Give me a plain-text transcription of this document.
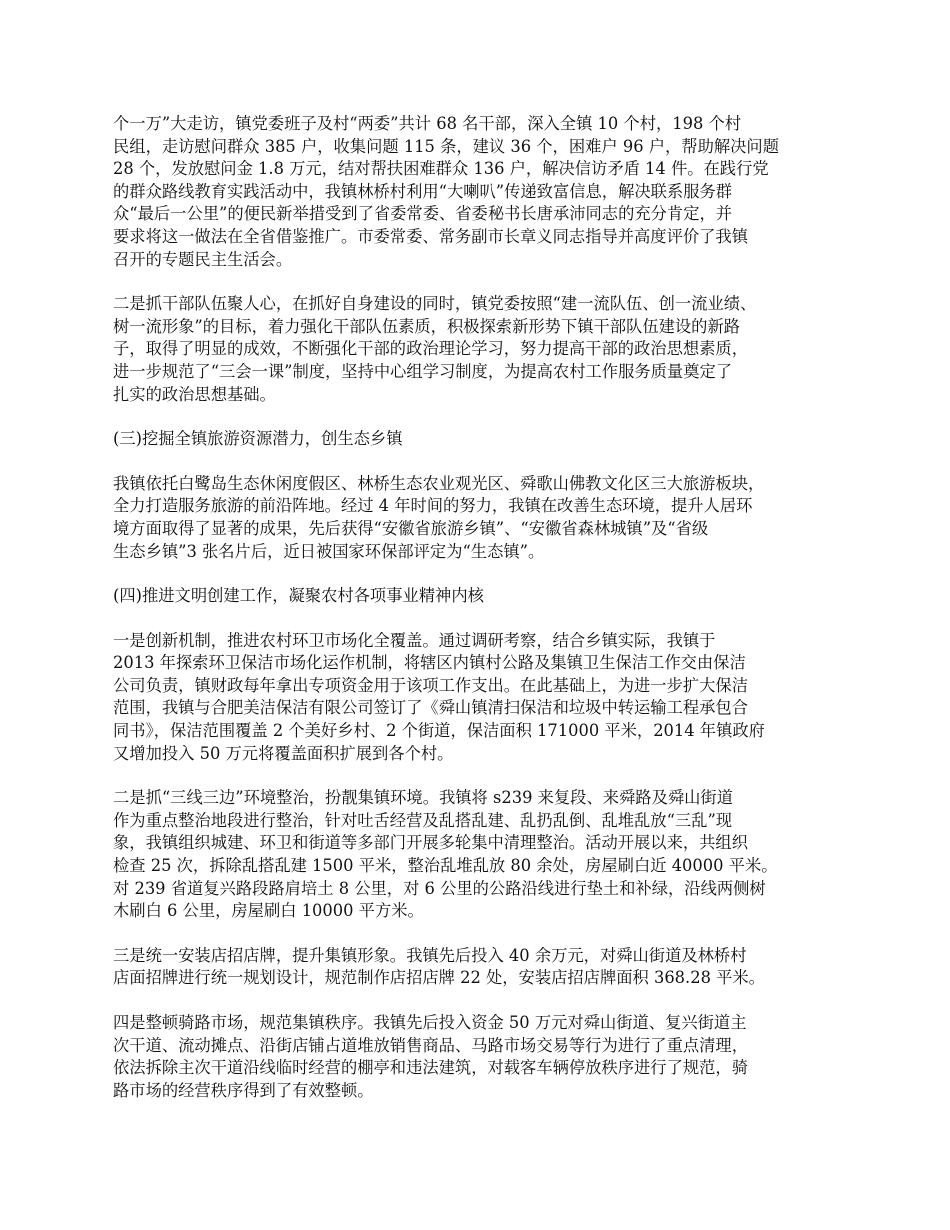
个一万”大走访，镇党委班子及村“两委”共计 68 名干部，深入全镇 10 个村，198 个村
民组，走访慰问群众 385 户，收集问题 115 条，建议 36 个，困难户 96 户，帮助解决问题
28 个，发放慰问金 1.8 万元，结对帮扶困难群众 136 户，解决信访矛盾 14 件。在践行党
的群众路线教育实践活动中，我镇林桥村利用“大喇叭”传递致富信息，解决联系服务群
众“最后一公里”的便民新举措受到了省委常委、省委秘书长唐承沛同志的充分肯定，并
要求将这一做法在全省借鉴推广。市委常委、常务副市长章义同志指导并高度评价了我镇
召开的专题民主生活会。
二是抓干部队伍聚人心，在抓好自身建设的同时，镇党委按照“建一流队伍、创一流业绩、
树一流形象”的目标，着力强化干部队伍素质，积极探索新形势下镇干部队伍建设的新路
子，取得了明显的成效，不断强化干部的政治理论学习，努力提高干部的政治思想素质，
进一步规范了“三会一课”制度，坚持中心组学习制度，为提高农村工作服务质量奠定了
扎实的政治思想基础。
(三)挖掘全镇旅游资源潜力，创生态乡镇
我镇依托白鹭岛生态休闲度假区、林桥生态农业观光区、舜歌山佛教文化区三大旅游板块，
全力打造服务旅游的前沿阵地。经过 4 年时间的努力，我镇在改善生态环境，提升人居环
境方面取得了显著的成果，先后获得“安徽省旅游乡镇”、“安徽省森林城镇”及“省级
生态乡镇”3 张名片后，近日被国家环保部评定为“生态镇”。
(四)推进文明创建工作，凝聚农村各项事业精神内核
一是创新机制，推进农村环卫市场化全覆盖。通过调研考察，结合乡镇实际，我镇于
2013 年探索环卫保洁市场化运作机制，将辖区内镇村公路及集镇卫生保洁工作交由保洁
公司负责，镇财政每年拿出专项资金用于该项工作支出。在此基础上，为进一步扩大保洁
范围，我镇与合肥美洁保洁有限公司签订了《舜山镇清扫保洁和垃圾中转运输工程承包合
同书》，保洁范围覆盖 2 个美好乡村、2 个街道，保洁面积 171000 平米，2014 年镇政府
又增加投入 50 万元将覆盖面积扩展到各个村。
二是抓“三线三边”环境整治，扮靓集镇环境。我镇将 s239 来复段、来舜路及舜山街道
作为重点整治地段进行整治，针对吐舌经营及乱搭乱建、乱扔乱倒、乱堆乱放“三乱”现
象，我镇组织城建、环卫和街道等多部门开展多轮集中清理整治。活动开展以来，共组织
检查 25 次，拆除乱搭乱建 1500 平米，整治乱堆乱放 80 余处，房屋刷白近 40000 平米。
对 239 省道复兴路段路肩培土 8 公里，对 6 公里的公路沿线进行垫土和补绿，沿线两侧树
木刷白 6 公里，房屋刷白 10000 平方米。
三是统一安装店招店牌，提升集镇形象。我镇先后投入 40 余万元，对舜山街道及林桥村
店面招牌进行统一规划设计，规范制作店招店牌 22 处，安装店招店牌面积 368.28 平米。
四是整顿骑路市场，规范集镇秩序。我镇先后投入资金 50 万元对舜山街道、复兴街道主
次干道、流动摊点、沿街店铺占道堆放销售商品、马路市场交易等行为进行了重点清理，
依法拆除主次干道沿线临时经营的棚亭和违法建筑，对载客车辆停放秩序进行了规范，骑
路市场的经营秩序得到了有效整顿。
